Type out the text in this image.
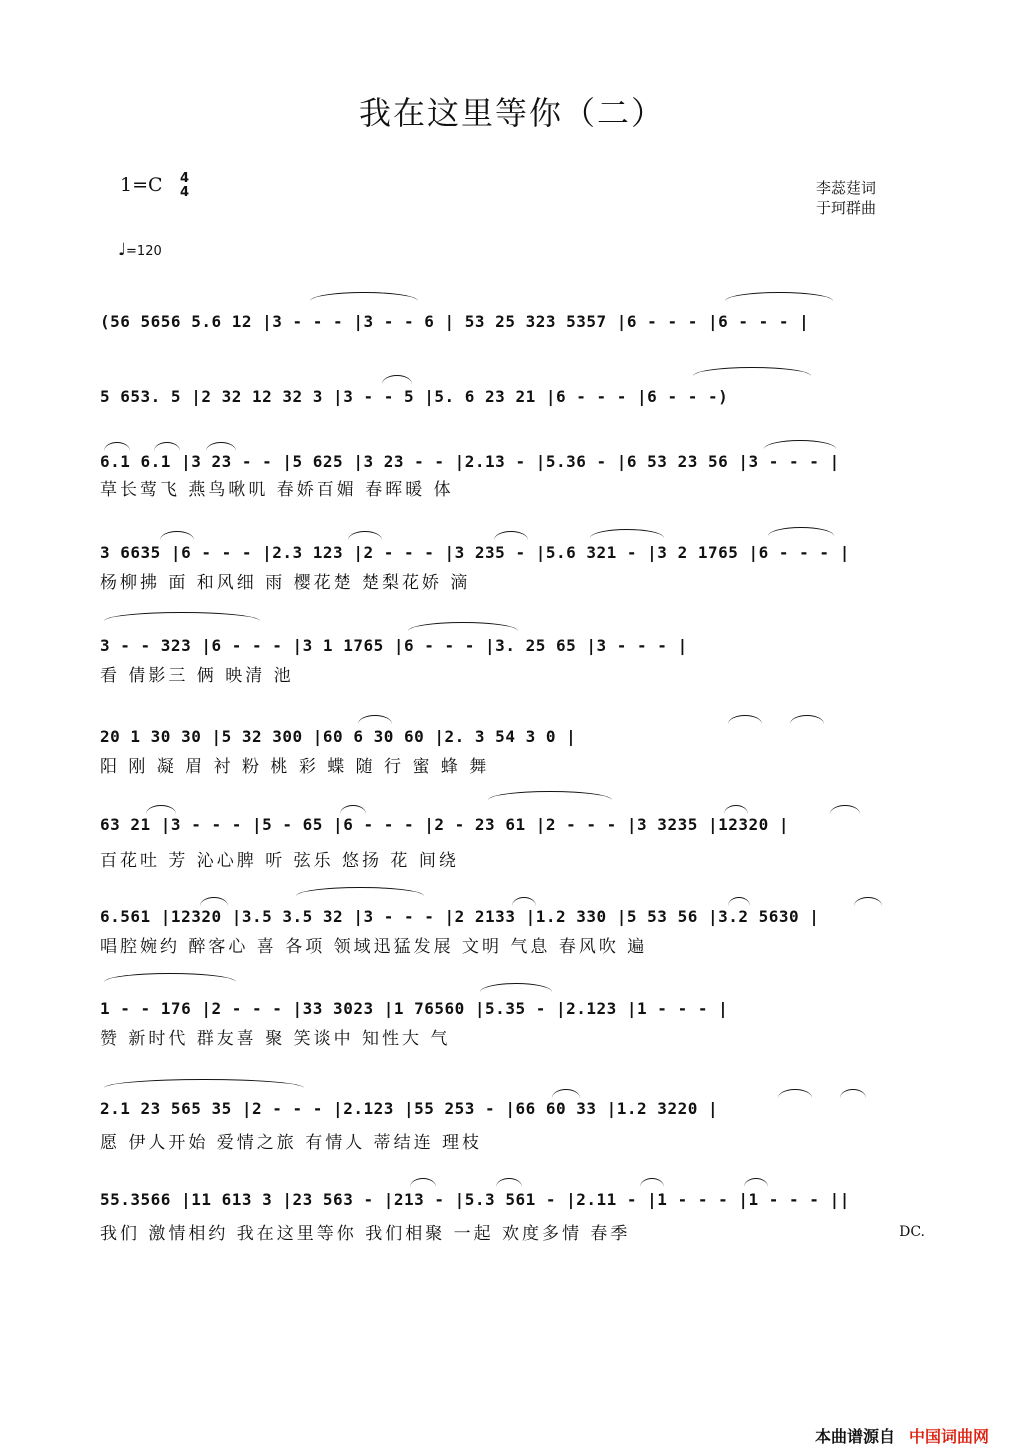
我在这里等你（二）
1=C 4
4	李蕊莛词
于珂群曲
♩=120
(56 5656 5.6 12 |3 - - - |3 - - 6 | 53 25 323 5357 |6 - - - |6 - - - |
5 653. 5 |2 32 12 32 3 |3 - - 5 |5. 6 23 21 |6 - - - |6 - - -)
6.1 6.1 |3 23 - - |5 625 |3 23 - - |2.13 - |5.36 - |6 53 23 56 |3 - - - |
草长莺飞 燕鸟啾叽 春娇百媚 春晖暖 体
3 6635 |6 - - - |2.3 123 |2 - - - |3 235 - |5.6 321 - |3 2 1765 |6 - - - |
杨柳拂 面 和风细 雨 樱花楚 楚梨花娇 滴
3 - - 323 |6 - - - |3 1 1765 |6 - - - |3. 25 65 |3 - - - |
看 倩影三 俩 映清 池
20 1 30 30 |5 32 300 |60 6 30 60 |2. 3 54 3 0 |
阳 刚 凝 眉 衬 粉 桃 彩 蝶 随 行 蜜 蜂 舞
63 21 |3 - - - |5 - 65 |6 - - - |2 - 23 61 |2 - - - |3 3235 |12320 |
百花吐 芳 沁心脾 听 弦乐 悠扬 花 间绕
6.561 |12320 |3.5 3.5 32 |3 - - - |2 2133 |1.2 330 |5 53 56 |3.2 5630 |
唱腔婉约 醉客心 喜 各项 领域迅猛发展 文明 气息 春风吹 遍
1 - - 176 |2 - - - |33 3023 |1 76560 |5.35 - |2.123 |1 - - - |
赞 新时代 群友喜 聚 笑谈中 知性大 气
2.1 23 565 35 |2 - - - |2.123 |55 253 - |66 60 33 |1.2 3220 |
愿 伊人开始 爱情之旅 有情人 蒂结连 理枝
55.3566 |11 613 3 |23 563 - |213 - |5.3 561 - |2.11 - |1 - - - |1 - - - ||
我们 激情相约 我在这里等你 我们相聚 一起 欢度多情 春季	DC.
本曲谱源自 中国词曲网
